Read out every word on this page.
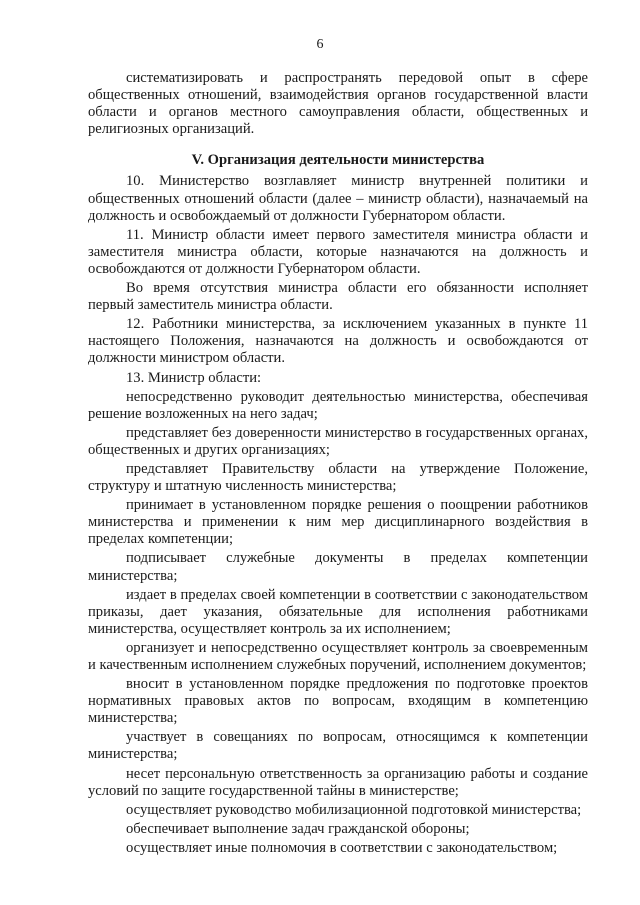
6

систематизировать и распространять передовой опыт в сфере общественных отношений, взаимодействия органов государственной власти области и органов местного самоуправления области, общественных и религиозных организаций.

V. Организация деятельности министерства

10. Министерство возглавляет министр внутренней политики и общественных отношений области (далее – министр области), назначаемый на должность и освобождаемый от должности Губернатором области.

11. Министр области имеет первого заместителя министра области и заместителя министра области, которые назначаются на должность и освобождаются от должности Губернатором области.

Во время отсутствия министра области его обязанности исполняет первый заместитель министра области.

12. Работники министерства, за исключением указанных в пункте 11 настоящего Положения, назначаются на должность и освобождаются от должности министром области.

13. Министр области:

непосредственно руководит деятельностью министерства, обеспечивая решение возложенных на него задач;

представляет без доверенности министерство в государственных органах, общественных и других организациях;

представляет Правительству области на утверждение Положение, структуру и штатную численность министерства;

принимает в установленном порядке решения о поощрении работников министерства и применении к ним мер дисциплинарного воздействия в пределах компетенции;

подписывает служебные документы в пределах компетенции министерства;

издает в пределах своей компетенции в соответствии с законодательством приказы, дает указания, обязательные для исполнения работниками министерства, осуществляет контроль за их исполнением;

организует и непосредственно осуществляет контроль за своевременным и качественным исполнением служебных поручений, исполнением документов;

вносит в установленном порядке предложения по подготовке проектов нормативных правовых актов по вопросам, входящим в компетенцию министерства;

участвует в совещаниях по вопросам, относящимся к компетенции министерства;

несет персональную ответственность за организацию работы и создание условий по защите государственной тайны в министерстве;

осуществляет руководство мобилизационной подготовкой министерства;

обеспечивает выполнение задач гражданской обороны;

осуществляет иные полномочия в соответствии с законодательством;
